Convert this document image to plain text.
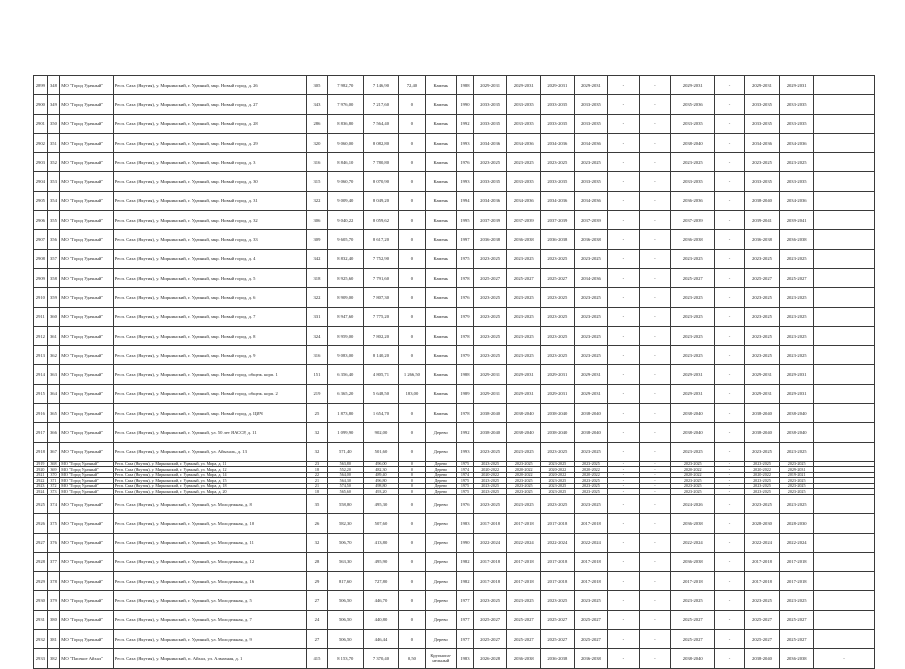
2899	348	МО "Город Удачный"	Респ. Саха (Якутия), у. Мирнинский, г. Удачный, мкр. Новый город, д. 26	305	7 982,70	7 146,90	72,40	Камень	1988	2029-2031	2029-2031	2029-2031	2029-2031	-	-	2029-2031	-	2029-2031	2029-2031	
2900	349	МО "Город Удачный"	Респ. Саха (Якутия), у. Мирнинский, г. Удачный, мкр. Новый город, д. 27	343	7 976,00	7 217,60	0	Камень	1990	2033-2035	2033-2035	2033-2035	2033-2035	-	-	2035-2036	-	2033-2035	2033-2035	
2901	350	МО "Город Удачный"	Респ. Саха (Якутия), у. Мирнинский, г. Удачный, мкр. Новый город, д. 28	286	8 836,80	7 564,40	0	Камень	1992	2033-2035	2033-2035	2033-2035	2033-2035	-	-	2033-2035	-	2033-2035	2033-2035	
2902	351	МО "Город Удачный"	Респ. Саха (Якутия), у. Мирнинский, г. Удачный, мкр. Новый город, д. 29	320	9 060,00	8 082,80	0	Камень	1993	2034-2036	2034-2036	2034-2036	2034-2036	-	-	2038-2040	-	2034-2036	2034-2036	
2903	352	МО "Город Удачный"	Респ. Саха (Якутия), у. Мирнинский, г. Удачный, мкр. Новый город, д. 3	316	8 846,10	7 780,80	0	Камень	1976	2023-2025	2023-2025	2023-2025	2023-2025	-	-	2023-2025	-	2023-2025	2023-2025	
2904	353	МО "Город Удачный"	Респ. Саха (Якутия), у. Мирнинский, г. Удачный, мкр. Новый город, д. 30	315	9 060,70	8 070,90	0	Камень	1993	2033-2035	2033-2035	2033-2035	2033-2035	-	-	2033-2035	-	2033-2035	2033-2035	
2905	354	МО "Город Удачный"	Респ. Саха (Якутия), у. Мирнинский, г. Удачный, мкр. Новый город, д. 31	322	9 009,40	8 049,20	0	Камень	1994	2034-2036	2034-2036	2034-2036	2034-2036	-	-	2036-2036	-	2038-2040	2034-2036	
2906	355	МО "Город Удачный"	Респ. Саха (Якутия), у. Мирнинский, г. Удачный, мкр. Новый город, д. 32	306	9 040,22	8 059,62	0	Камень	1995	2037-2039	2037-2039	2037-2039	2037-2039	-	-	2037-2039	-	2039-2041	2039-2041	
2907	356	МО "Город Удачный"	Респ. Саха (Якутия), у. Мирнинский, г. Удачный, мкр. Новый город, д. 33	309	9 605,70	8 617,20	0	Камень	1997	2036-2038	2036-2038	2036-2038	2036-2038	-	-	2036-2038	-	2036-2038	2036-2038	
2908	357	МО "Город Удачный"	Респ. Саха (Якутия), у. Мирнинский, г. Удачный, мкр. Новый город, д. 4	342	8 832,40	7 752,90	0	Камень	1975	2023-2025	2023-2025	2023-2025	2023-2025	-	-	2023-2025	-	2023-2025	2023-2025	
2909	358	МО "Город Удачный"	Респ. Саха (Якутия), у. Мирнинский, г. Удачный, мкр. Новый город, д. 5	318	8 925,60	7 791,60	0	Камень	1978	2025-2027	2025-2027	2025-2027	2034-2036	-	-	2025-2027	-	2025-2027	2025-2027	
2910	359	МО "Город Удачный"	Респ. Саха (Якутия), у. Мирнинский, г. Удачный, мкр. Новый город, д. 6	322	8 909,00	7 807,30	0	Камень	1976	2023-2025	2023-2025	2023-2025	2023-2025	-	-	2023-2025	-	2023-2025	2023-2025	
2911	360	МО "Город Удачный"	Респ. Саха (Якутия), у. Мирнинский, г. Удачный, мкр. Новый город, д. 7	331	8 947,60	7 775,20	0	Камень	1979	2023-2025	2023-2025	2023-2025	2023-2025	-	-	2023-2025	-	2023-2025	2023-2025	
2912	361	МО "Город Удачный"	Респ. Саха (Якутия), у. Мирнинский, г. Удачный, мкр. Новый город, д. 8	324	8 959,00	7 802,20	0	Камень	1978	2023-2025	2023-2025	2023-2025	2023-2025	-	-	2023-2025	-	2023-2025	2023-2025	
2913	362	МО "Город Удачный"	Респ. Саха (Якутия), у. Мирнинский, г. Удачный, мкр. Новый город, д. 9	316	9 083,00	8 140,20	0	Камень	1979	2023-2025	2023-2025	2023-2025	2023-2025	-	-	2023-2025	-	2023-2025	2023-2025	
2914	363	МО "Город Удачный"	Респ. Саха (Якутия), у. Мирнинский, г. Удачный, мкр. Новый город, общеж. корп. 1	151	6 356,40	4 805,71	1 266,50	Камень	1988	2029-2031	2029-2031	2029-2031	2029-2031	-	-	2029-2031	-	2029-2031	2029-2031	
2915	364	МО "Город Удачный"	Респ. Саха (Якутия), у. Мирнинский, г. Удачный, мкр. Новый город, общеж. корп. 2	219	6 365,20	5 648,50	183,00	Камень	1989	2029-2031	2029-2031	2029-2031	2029-2031	-	-	2029-2031	-	2029-2031	2029-2031	
2916	365	МО "Город Удачный"	Респ. Саха (Якутия), у. Мирнинский, г. Удачный, мкр. Новый город, д. ЦИЧ	25	1 873,80	1 654,70	0	Камень	1978	2038-2040	2038-2040	2038-2040	2038-2040	-	-	2038-2040	-	2038-2040	2038-2040	
2917	366	МО "Город Удачный"	Респ. Саха (Якутия), у. Мирнинский, г. Удачный, ул. 50 лет ЯАССР, д. 11	32	1 099,90	902,00	0	Дерево	1992	2038-2040	2038-2040	2038-2040	2038-2040	-	-	2038-2040	-	2038-2040	2038-2040	
2918	367	МО "Город Удачный"	Респ. Саха (Якутия), у. Мирнинский, г. Удачный, ул. Айыхаль, д. 13	32	571,40	501,60	0	Дерево	1993	2023-2025	2023-2025	2023-2025	2023-2025	-	-	2023-2025	-	2023-2025	2023-2025	
2919	368	МО "Город Удачный"	Респ. Саха (Якутия), у. Мирнинский, г. Удачный, ул. Мира, д. 11	23	563,80	496,00	0	Дерево	1975	2023-2025	2023-2025	2023-2025	2023-2025	-	-	2023-2025	-	2023-2025	2023-2025	
2920	369	МО "Город Удачный"	Респ. Саха (Якутия), у. Мирнинский, г. Удачный, ул. Мира, д. 12	18	552,20	482,30	0	Дерево	1974	2020-2022	2020-2022	2020-2022	2020-2022	-	-	2020-2022	-	2020-2022	2029-2031	
2921	370	МО "Город Удачный"	Респ. Саха (Якутия), у. Мирнинский, г. Удачный, ул. Мира, д. 14	22	564,00	489,40	0	Дерево	1974	2020-2022	2020-2022	2020-2022	2020-2022	-	-	2020-2022	-	2020-2022	2019-2021	
2922	371	МО "Город Удачный"	Респ. Саха (Якутия), у. Мирнинский, г. Удачный, ул. Мира, д. 15	21	564,30	496,80	0	Дерево	1975	2023-2025	2023-2025	2023-2025	2023-2025	-	-	2023-2025	-	2023-2025	2023-2025	
2923	372	МО "Город Удачный"	Респ. Саха (Якутия), у. Мирнинский, г. Удачный, ул. Мира, д. 18	21	574,50	498,80	0	Дерево	1975	2023-2025	2023-2025	2023-2025	2023-2025	-	-	2023-2025	-	2023-2025	2023-2025	
2924	373	МО "Город Удачный"	Респ. Саха (Якутия), у. Мирнинский, г. Удачный, ул. Мира, д. 20	18	565,60	493,20	0	Дерево	1975	2023-2025	2023-2025	2023-2025	2023-2025	-	-	2023-2025	-	2023-2025	2023-2025	
2925	374	МО "Город Удачный"	Респ. Саха (Якутия), у. Мирнинский, г. Удачный, ул. Молодежная, д. 8	35	558,80	495,30	0	Дерево	1976	2023-2025	2023-2025	2023-2025	2023-2025	-	-	2024-2026	-	2023-2025	2023-2025	
2926	375	МО "Город Удачный"	Респ. Саха (Якутия), у. Мирнинский, г. Удачный, ул. Молодежная, д. 10	26	582,30	507,60	0	Дерево	1983	2017-2018	2017-2018	2017-2018	2017-2018	-	-	2036-2038	-	2028-2030	2028-2030	
2927	376	МО "Город Удачный"	Респ. Саха (Якутия), у. Мирнинский, г. Удачный, ул. Молодежная, д. 11	32	506,70	413,80	0	Дерево	1990	2022-2024	2022-2024	2022-2024	2022-2024	-	-	2022-2024	-	2022-2024	2022-2024	
2928	377	МО "Город Удачный"	Респ. Саха (Якутия), у. Мирнинский, г. Удачный, ул. Молодежная, д. 12	28	563,30	495,90	0	Дерево	1982	2017-2018	2017-2018	2017-2018	2017-2018	-	-	2036-2038	-	2017-2018	2017-2018	
2929	378	МО "Город Удачный"	Респ. Саха (Якутия), у. Мирнинский, г. Удачный, ул. Молодежная, д. 16	29	817,60	727,80	0	Дерево	1982	2017-2018	2017-2018	2017-2018	2017-2018	-	-	2017-2018	-	2017-2018	2017-2018	
2930	379	МО "Город Удачный"	Респ. Саха (Якутия), у. Мирнинский, г. Удачный, ул. Молодежная, д. 5	27	506,50	446,70	0	Дерево	1977	2023-2025	2023-2025	2023-2025	2023-2025	-	-	2023-2025	-	2023-2025	2023-2025	
2931	380	МО "Город Удачный"	Респ. Саха (Якутия), у. Мирнинский, г. Удачный, ул. Молодежная, д. 7	24	506,50	440,80	0	Дерево	1977	2025-2027	2025-2027	2025-2027	2025-2027	-	-	2025-2027	-	2025-2027	2025-2027	
2932	381	МО "Город Удачный"	Респ. Саха (Якутия), у. Мирнинский, г. Удачный, ул. Молодежная, д. 9	27	506,50	446,44	0	Дерево	1977	2025-2027	2025-2027	2025-2027	2025-2027	-	-	2025-2027	-	2025-2027	2025-2027	
2933	382	МО "Пасекое Айхал"	Респ. Саха (Якутия), у. Мирнинский, п. Айхал, ул. Алмазная, д. 1	415	8 153,70	7 370,40	0,50	Крупнопа-нельный	1983	2026-2028	2036-2038	2036-2038	2036-2038	-	-	2038-2040	-	2038-2040	2036-2038	-
